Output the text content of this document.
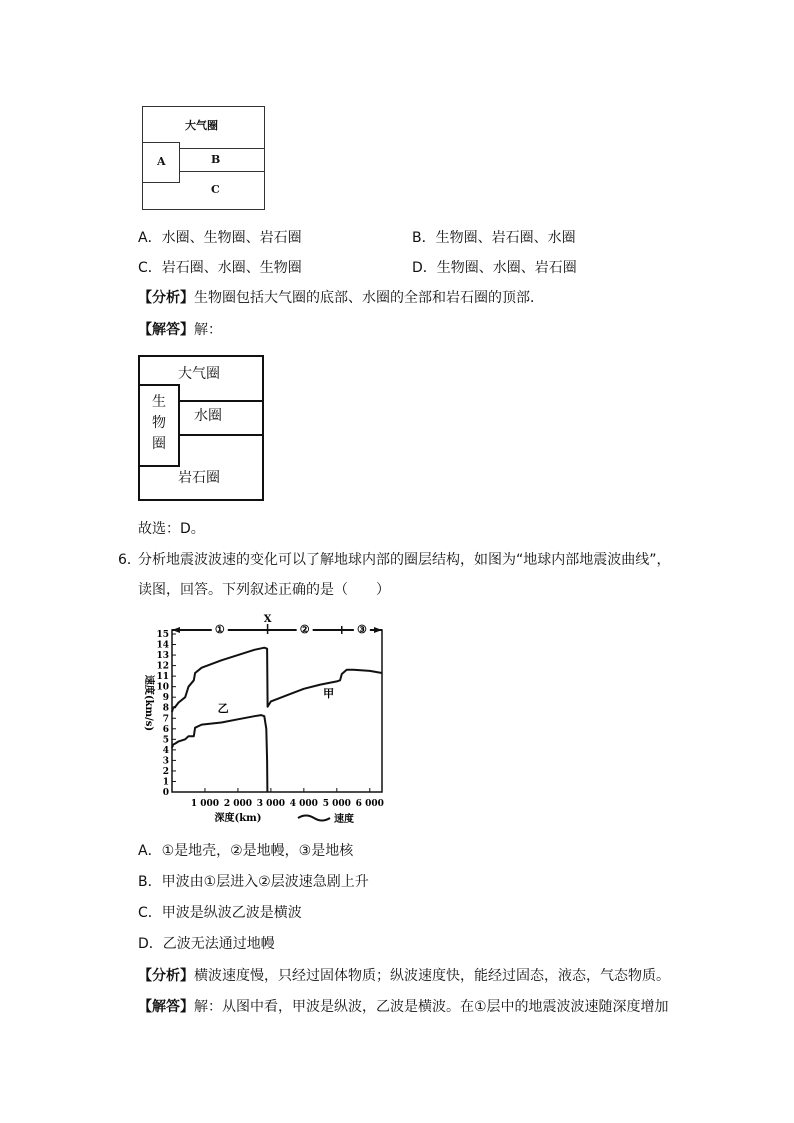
大气圈
A	B
C
A．水圈、生物圈、岩石圈	B．生物圈、岩石圈、水圈
C．岩石圈、水圈、生物圈	D．生物圈、水圈、岩石圈
【分析】生物圈包括大气圈的底部、水圈的全部和岩石圈的顶部．
【解答】解：
大气圈
生
物
圈
水圈
岩石圈
故选：D。
6．
分析地震波波速的变化可以了解地球内部的圈层结构，如图为“地球内部地震波曲线”，
读图，回答。下列叙述正确的是（　　）
0
1
2
3
4
5
6
7
8
9
10
11
12
13
14
15
1 000 2 000 3 000 4 000 5 000 6 000
速度(km/s)
深度(km)	速度
①	②	③
X
甲
乙
A．①是地壳，②是地幔，③是地核
B．甲波由①层进入②层波速急剧上升
C．甲波是纵波乙波是横波
D．乙波无法通过地幔
【分析】横波速度慢，只经过固体物质；纵波速度快，能经过固态，液态，气态物质。
【解答】解：从图中看，甲波是纵波，乙波是横波。在①层中的地震波波速随深度增加
